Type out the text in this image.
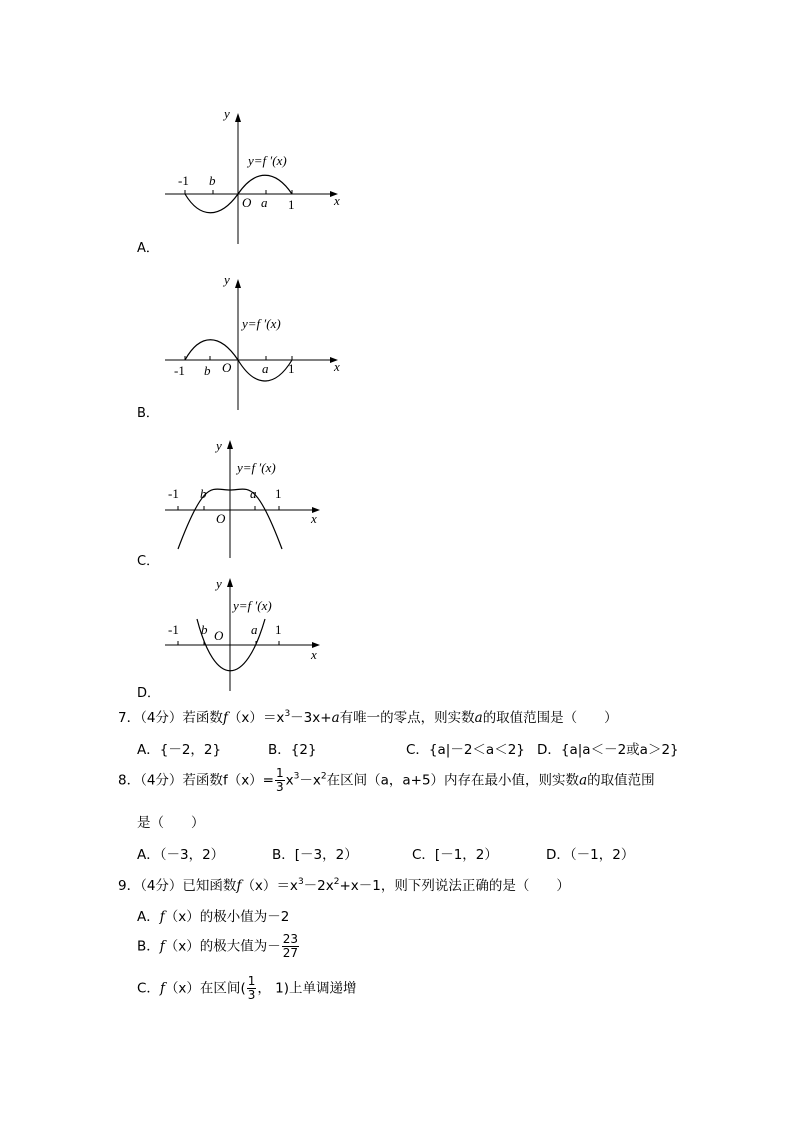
y
x
y=f ′(x)
-1 b
O a 1
A．
y
x
y=f ′(x)
-1 b O a 1
B．
y
x
y=f ′(x)
-1 b
O
a 1
C．
y
x
y=f ′(x)
-1 b O a 1
D．
7．（4分）若函数$f(x)=x^3-3x+a$有唯一的零点，则实数a的取值范围是（　　）
A．{－2，2}	B．{2}	C．{a|－2＜a＜2} D．{a|a＜－2或a＞2}
8．（4分）若函数$f(x)= \frac{1}{3} x^3-x^2$在区间（a，a+5）内存在最小值，则实数a的取值范围
是（　　）
A．（－3，2）	B．[－3，2）	C．[－1，2）	D．（－1，2）
9．（4分）已知函数$f(x)=x^3-2x^2+x-1$，则下列说法正确的是（　　）
A．f（x）的极小值为－2
B．f（x）的极大值为－ $\frac{23}{27}$
C．f（x）在区间( $\frac{1}{3}$ ， 1)上单调递增
